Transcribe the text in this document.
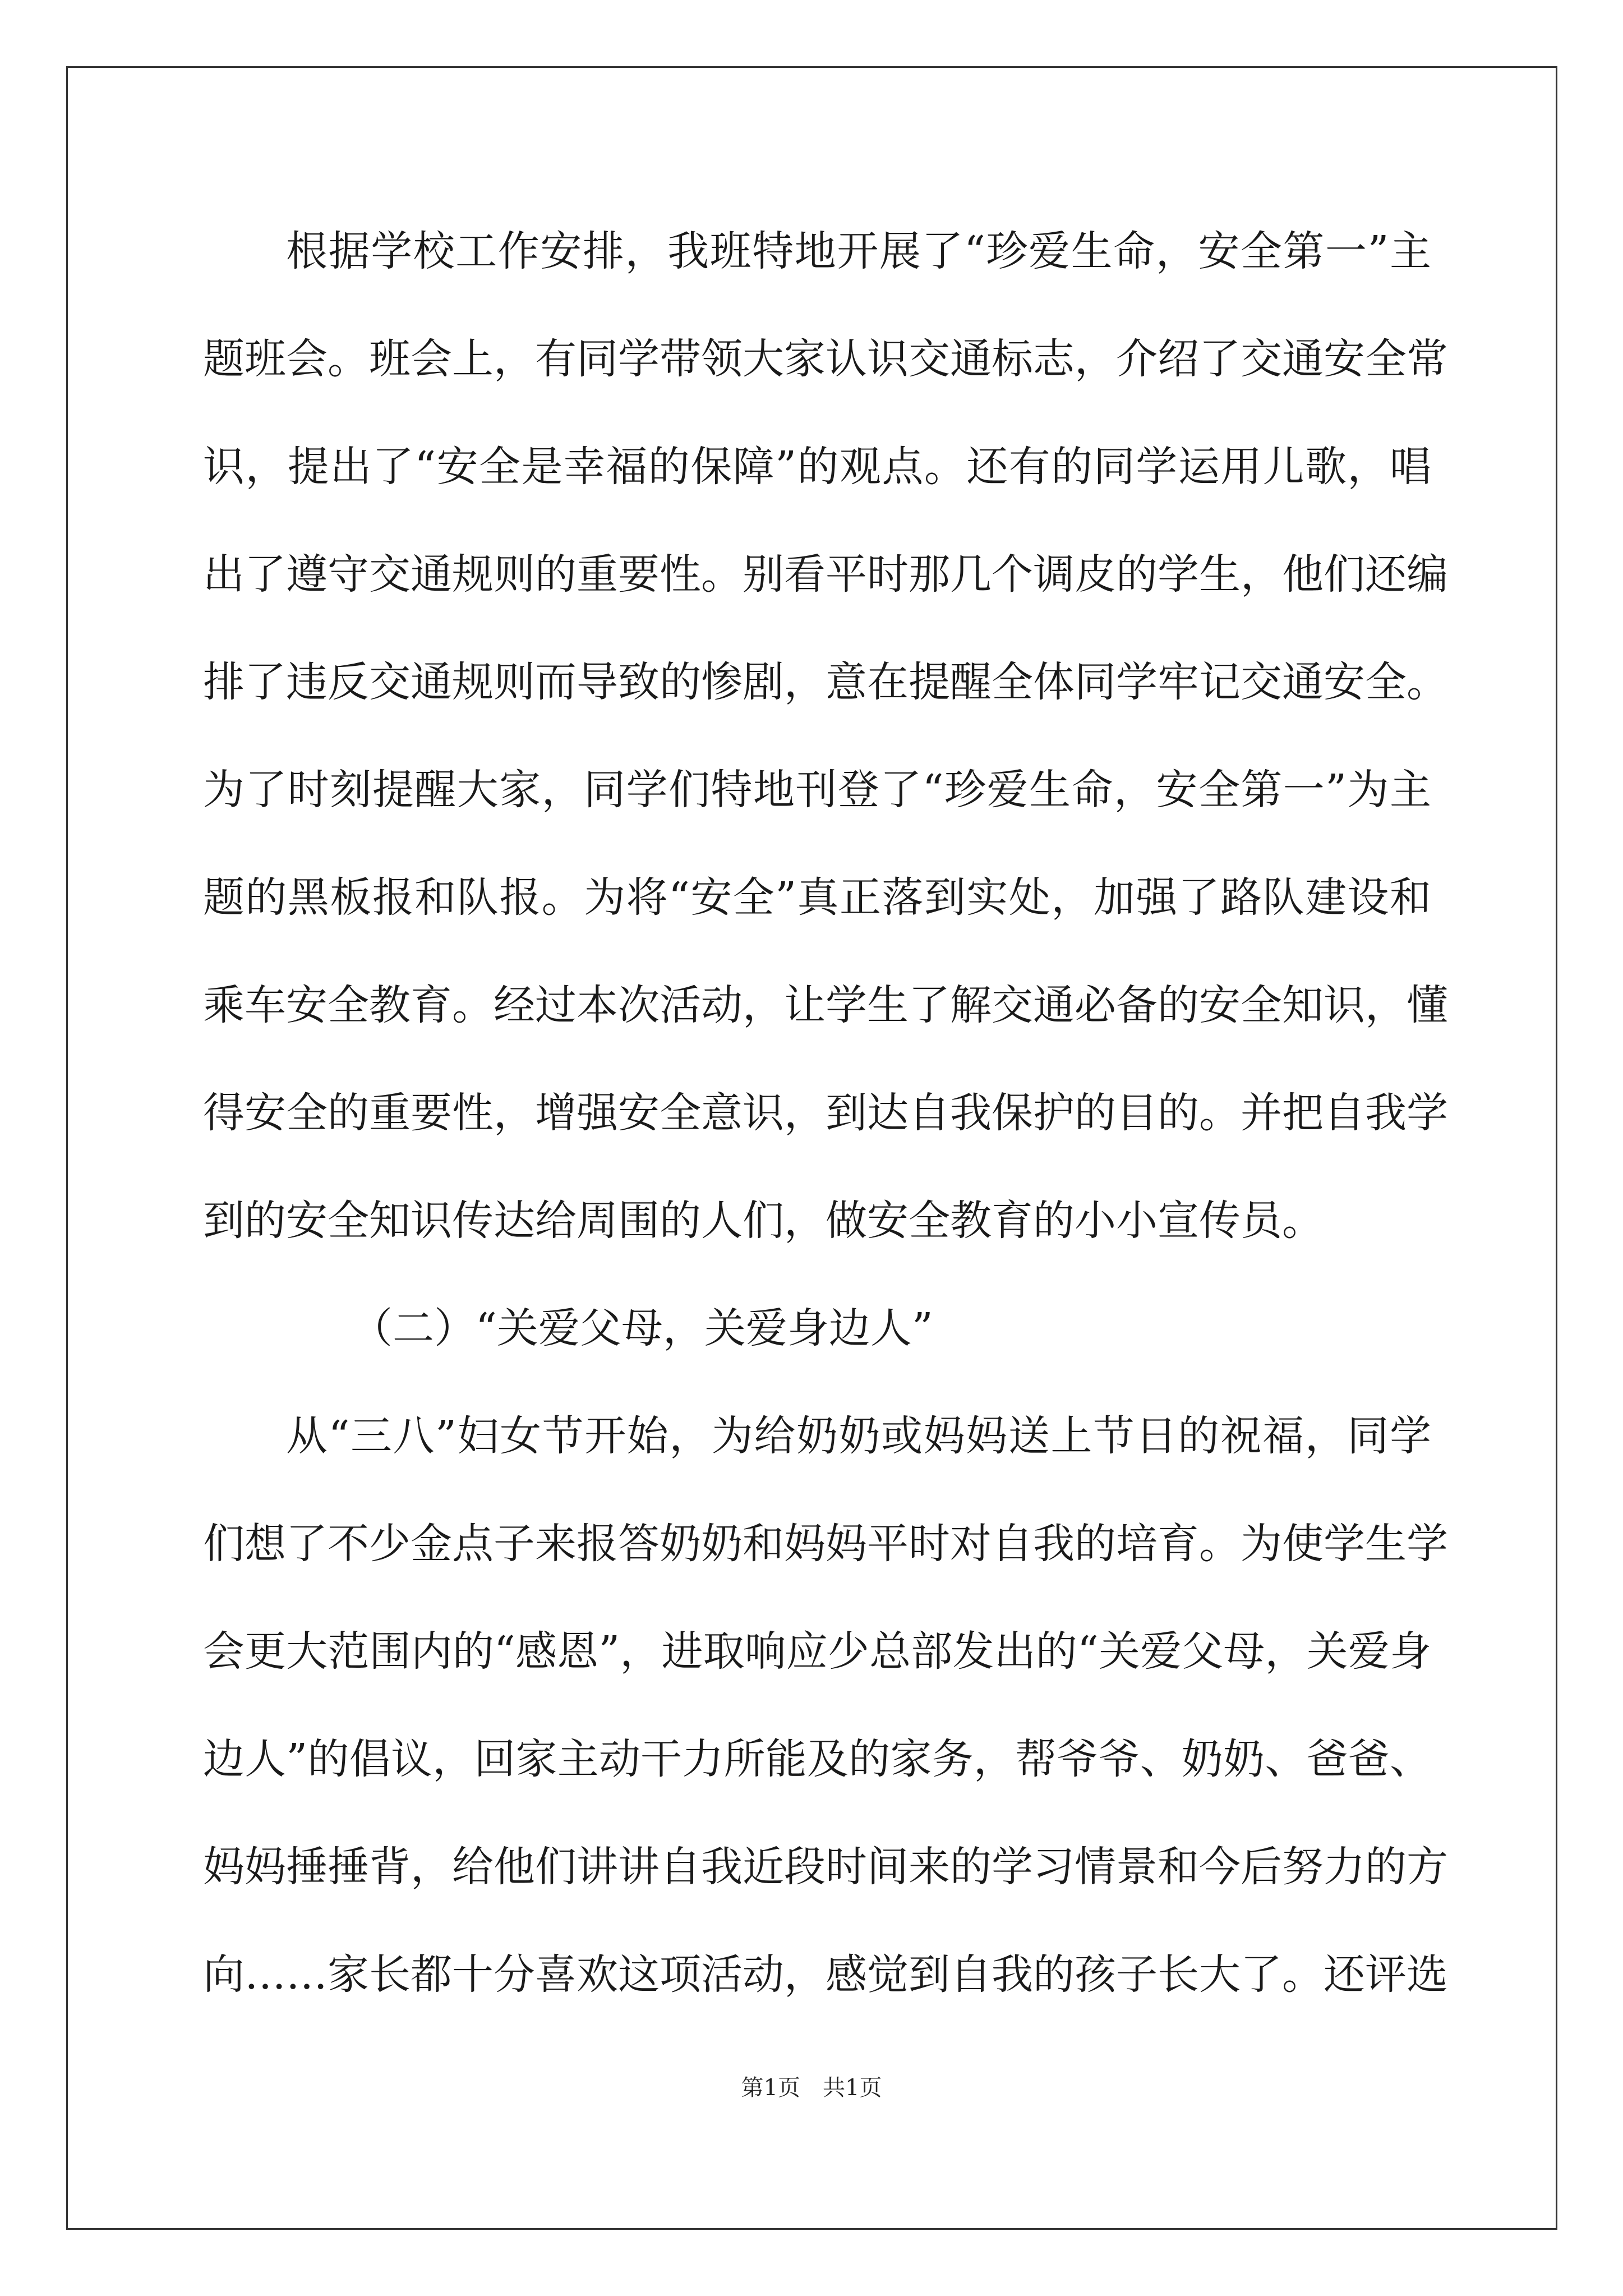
根据学校工作安排，我班特地开展了“珍爱生命，安全第一”主
题班会。班会上，有同学带领大家认识交通标志，介绍了交通安全常
识，提出了“安全是幸福的保障”的观点。还有的同学运用儿歌，唱
出了遵守交通规则的重要性。别看平时那几个调皮的学生，他们还编
排了违反交通规则而导致的惨剧，意在提醒全体同学牢记交通安全。
为了时刻提醒大家，同学们特地刊登了“珍爱生命，安全第一”为主
题的黑板报和队报。为将“安全”真正落到实处，加强了路队建设和
乘车安全教育。经过本次活动，让学生了解交通必备的安全知识，懂
得安全的重要性，增强安全意识，到达自我保护的目的。并把自我学
到的安全知识传达给周围的人们，做安全教育的小小宣传员。
（二）“关爱父母，关爱身边人”
从“三八”妇女节开始，为给奶奶或妈妈送上节日的祝福，同学
们想了不少金点子来报答奶奶和妈妈平时对自我的培育。为使学生学
会更大范围内的“感恩”，进取响应少总部发出的“关爱父母，关爱身
边人”的倡议，回家主动干力所能及的家务，帮爷爷、奶奶、爸爸、
妈妈捶捶背，给他们讲讲自我近段时间来的学习情景和今后努力的方
向……家长都十分喜欢这项活动，感觉到自我的孩子长大了。还评选
第1页　共1页
